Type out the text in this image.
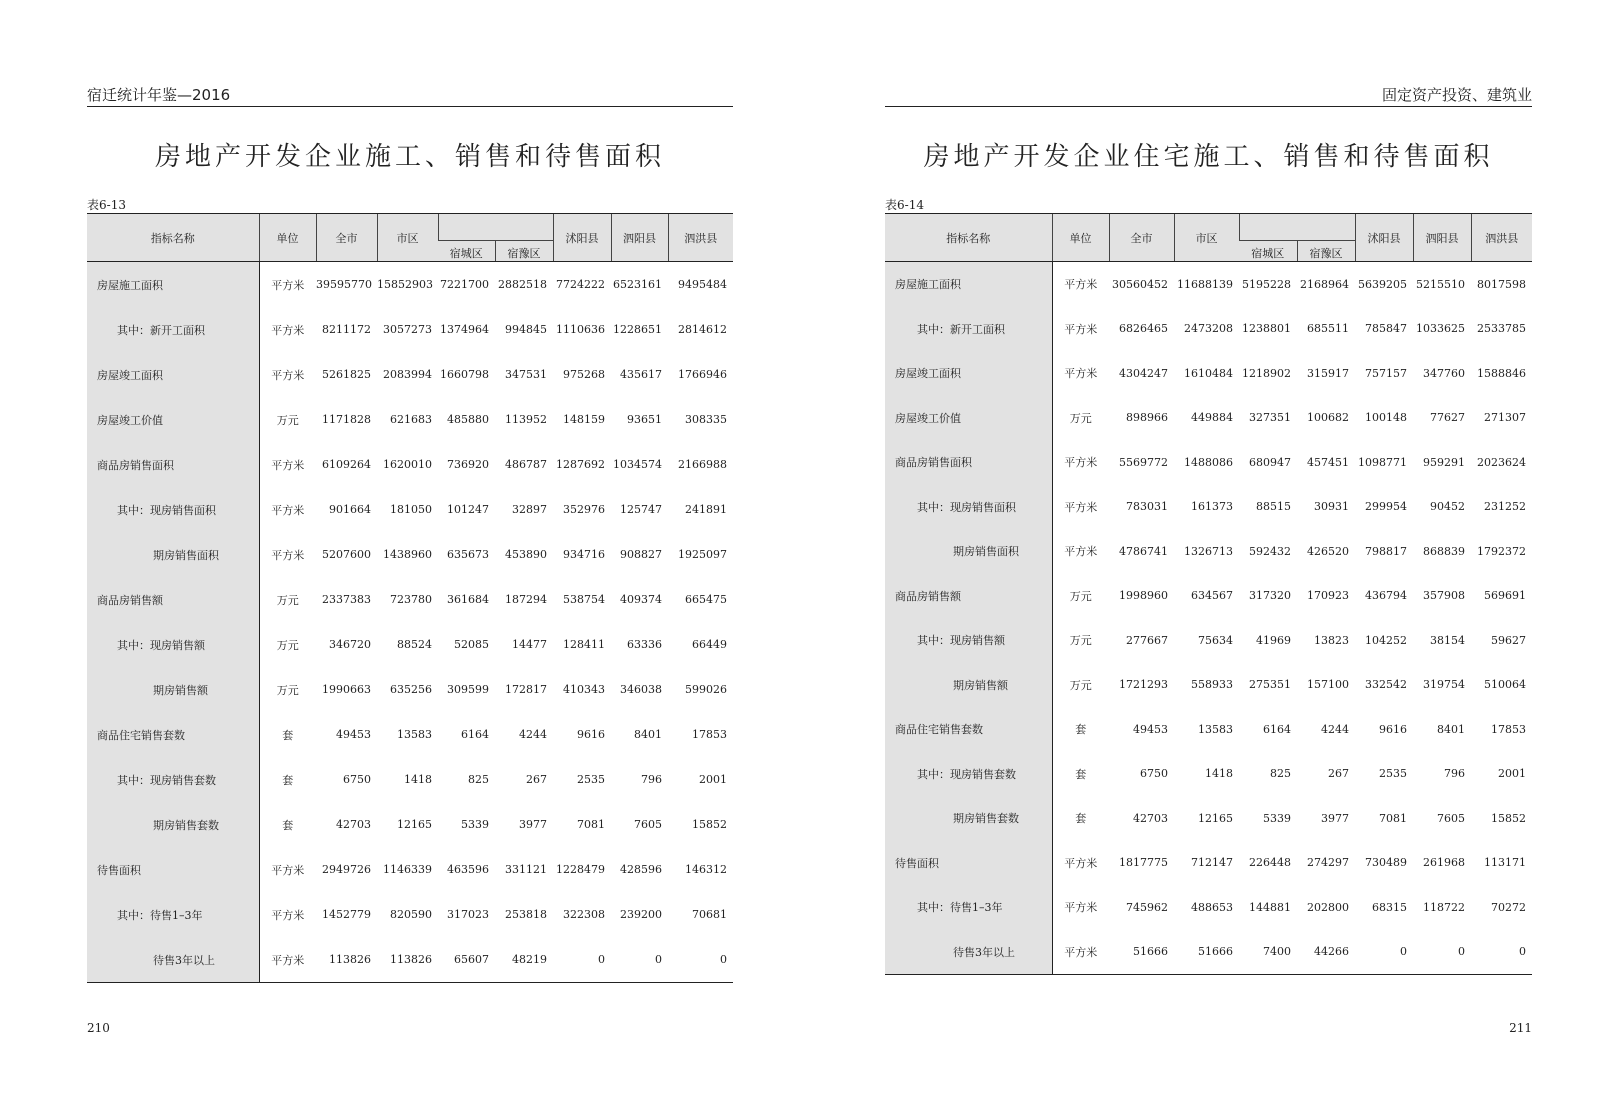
宿迁统计年鉴—2016
房地产开发企业施工、销售和待售面积
表6-13
指标名称	单位	全市	市区			沭阳县	泗阳县	泗洪县
				宿城区	宿豫区			
房屋施工面积	平方米	39595770	15852903	7221700	2882518	7724222	6523161	9495484
其中：新开工面积	平方米	8211172	3057273	1374964	994845	1110636	1228651	2814612
房屋竣工面积	平方米	5261825	2083994	1660798	347531	975268	435617	1766946
房屋竣工价值	万元	1171828	621683	485880	113952	148159	93651	308335
商品房销售面积	平方米	6109264	1620010	736920	486787	1287692	1034574	2166988
其中：现房销售面积	平方米	901664	181050	101247	32897	352976	125747	241891
期房销售面积	平方米	5207600	1438960	635673	453890	934716	908827	1925097
商品房销售额	万元	2337383	723780	361684	187294	538754	409374	665475
其中：现房销售额	万元	346720	88524	52085	14477	128411	63336	66449
期房销售额	万元	1990663	635256	309599	172817	410343	346038	599026
商品住宅销售套数	套	49453	13583	6164	4244	9616	8401	17853
其中：现房销售套数	套	6750	1418	825	267	2535	796	2001
期房销售套数	套	42703	12165	5339	3977	7081	7605	15852
待售面积	平方米	2949726	1146339	463596	331121	1228479	428596	146312
其中：待售1–3年	平方米	1452779	820590	317023	253818	322308	239200	70681
待售3年以上	平方米	113826	113826	65607	48219	0	0	0
210
固定资产投资、建筑业
房地产开发企业住宅施工、销售和待售面积
表6-14
指标名称	单位	全市	市区			沭阳县	泗阳县	泗洪县
				宿城区	宿豫区			
房屋施工面积	平方米	30560452	11688139	5195228	2168964	5639205	5215510	8017598
其中：新开工面积	平方米	6826465	2473208	1238801	685511	785847	1033625	2533785
房屋竣工面积	平方米	4304247	1610484	1218902	315917	757157	347760	1588846
房屋竣工价值	万元	898966	449884	327351	100682	100148	77627	271307
商品房销售面积	平方米	5569772	1488086	680947	457451	1098771	959291	2023624
其中：现房销售面积	平方米	783031	161373	88515	30931	299954	90452	231252
期房销售面积	平方米	4786741	1326713	592432	426520	798817	868839	1792372
商品房销售额	万元	1998960	634567	317320	170923	436794	357908	569691
其中：现房销售额	万元	277667	75634	41969	13823	104252	38154	59627
期房销售额	万元	1721293	558933	275351	157100	332542	319754	510064
商品住宅销售套数	套	49453	13583	6164	4244	9616	8401	17853
其中：现房销售套数	套	6750	1418	825	267	2535	796	2001
期房销售套数	套	42703	12165	5339	3977	7081	7605	15852
待售面积	平方米	1817775	712147	226448	274297	730489	261968	113171
其中：待售1–3年	平方米	745962	488653	144881	202800	68315	118722	70272
待售3年以上	平方米	51666	51666	7400	44266	0	0	0
211
